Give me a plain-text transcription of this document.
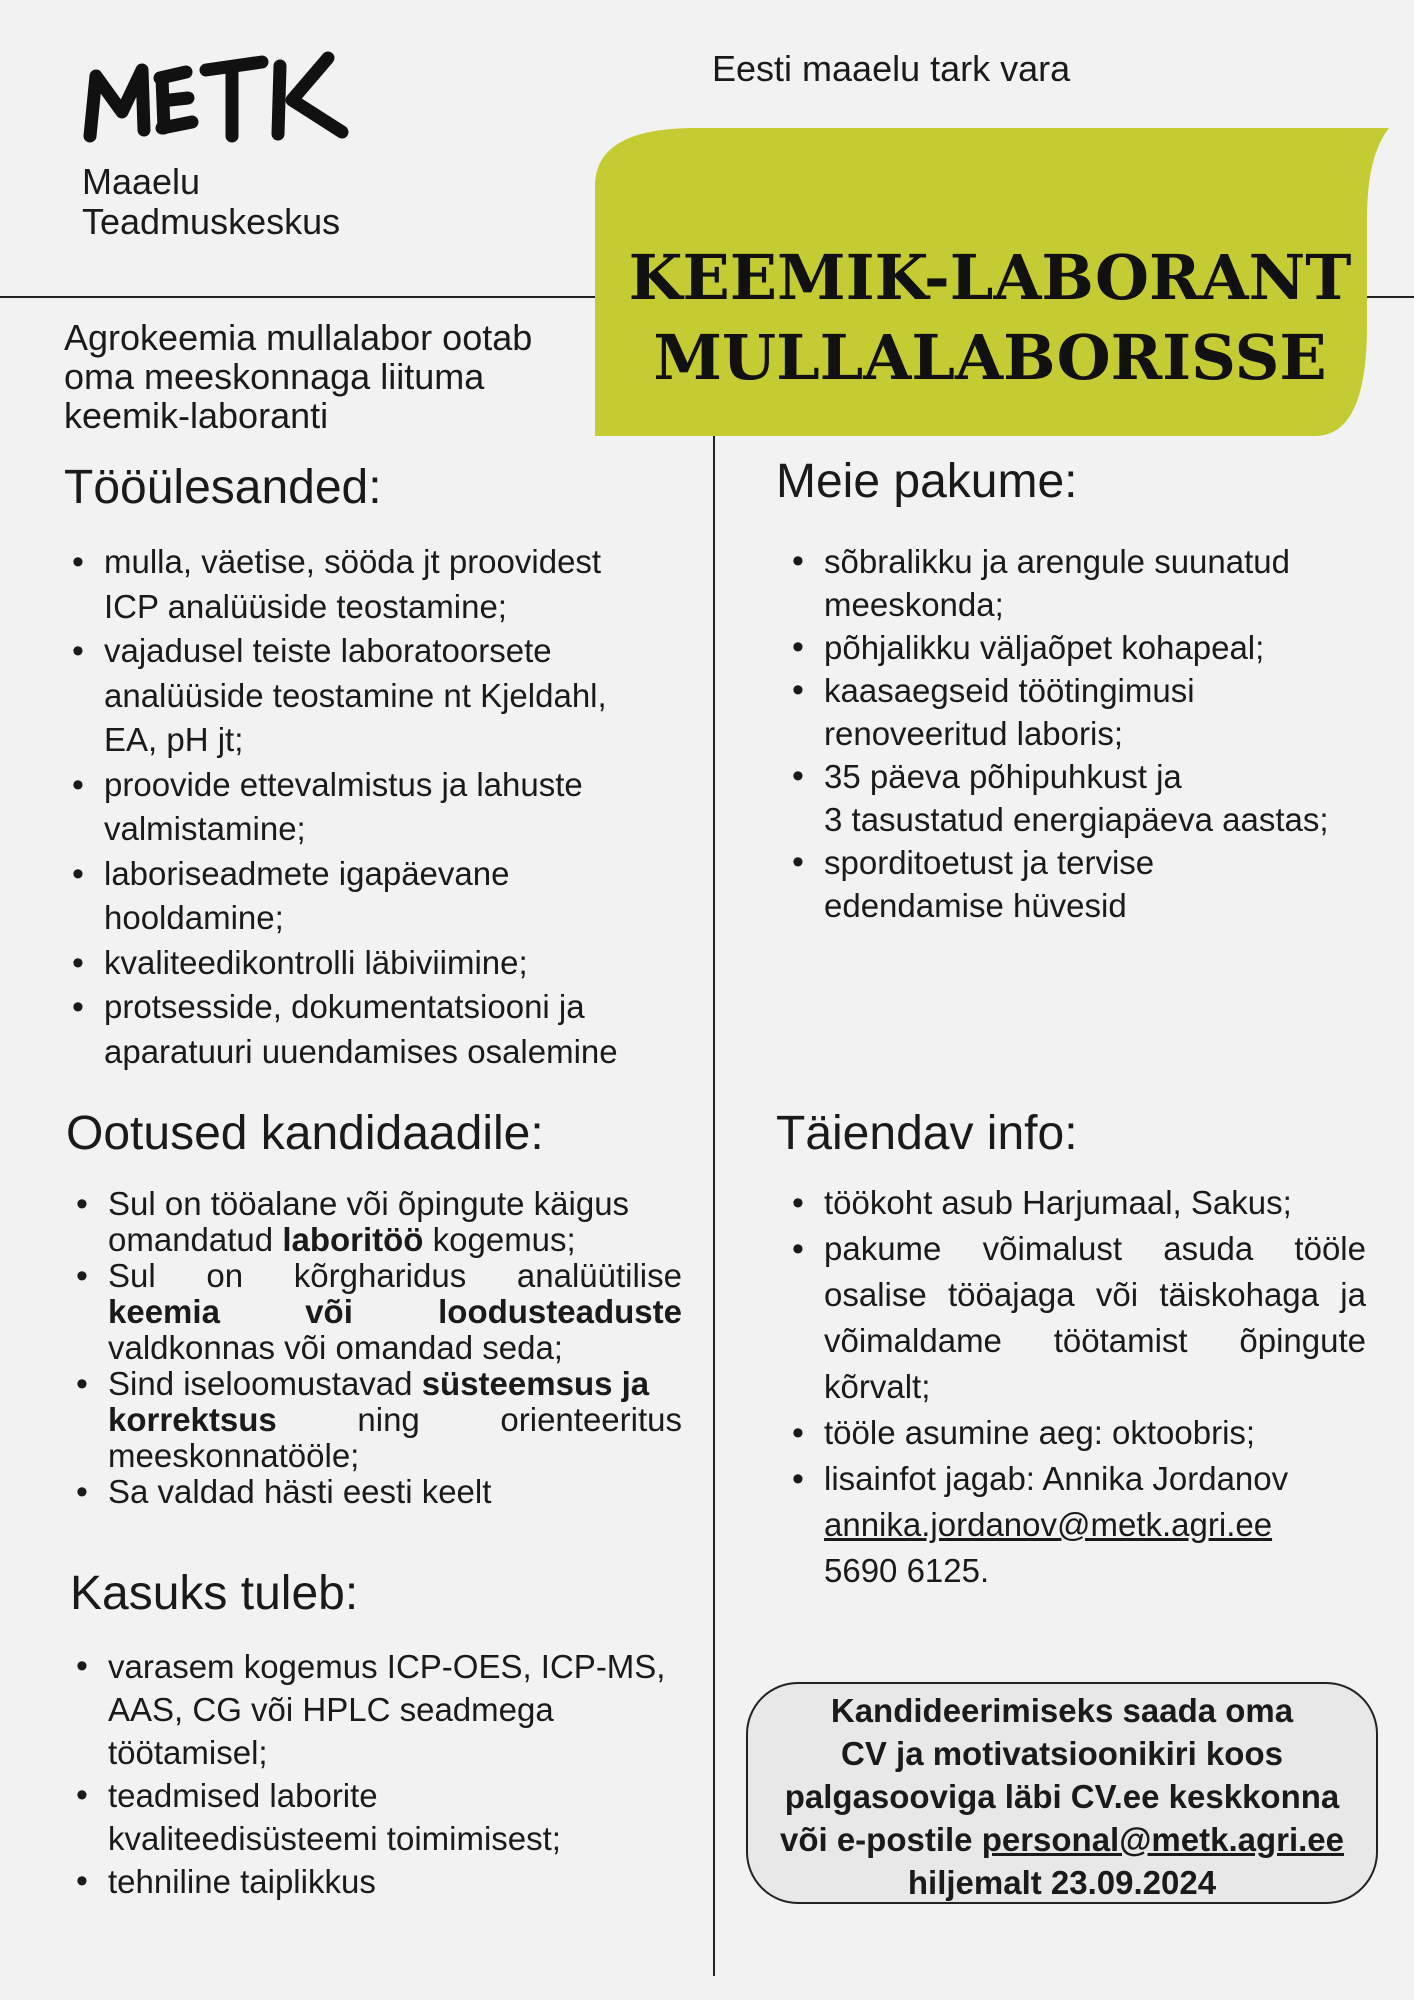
Maaelu
Teadmuskeskus
Eesti maaelu tark vara
KEEMIK-LABORANT
MULLALABORISSE
Agrokeemia mullalabor ootab
oma meeskonnaga liituma
keemik-laboranti
Tööülesanded:
• mulla, väetise, sööda jt proovidest
ICP analüüside teostamine;
• vajadusel teiste laboratoorsete
analüüside teostamine nt Kjeldahl,
EA, pH jt;
• proovide ettevalmistus ja lahuste
valmistamine;
• laboriseadmete igapäevane
hooldamine;
• kvaliteedikontrolli läbiviimine;
• protsesside, dokumentatsiooni ja
aparatuuri uuendamises osalemine
Meie pakume:
• sõbralikku ja arengule suunatud
meeskonda;
• põhjalikku väljaõpet kohapeal;
• kaasaegseid töötingimusi
renoveeritud laboris;
• 35 päeva põhipuhkust ja
3 tasustatud energiapäeva aastas;
• sporditoetust ja tervise
edendamise hüvesid
Ootused kandidaadile:
• Sul on tööalane või õpingute käigus
omandatud laboritöö kogemus;
• Sul on kõrgharidus analüütilise
keemia või loodusteaduste
valdkonnas või omandad seda;
• Sind iseloomustavad süsteemsus ja
korrektsus ning orienteeritus
meeskonnatööle;
• Sa valdad hästi eesti keelt
Täiendav info:
• töökoht asub Harjumaal, Sakus;
• pakume võimalust asuda tööle
osalise tööajaga või täiskohaga ja
võimaldame töötamist õpingute
kõrvalt;
• tööle asumine aeg: oktoobris;
• lisainfot jagab: Annika Jordanov
annika.jordanov@metk.agri.ee
5690 6125.
Kasuks tuleb:
• varasem kogemus ICP-OES, ICP-MS,
AAS, CG või HPLC seadmega
töötamisel;
• teadmised laborite
kvaliteedisüsteemi toimimisest;
• tehniline taiplikkus
Kandideerimiseks saada oma
CV ja motivatsioonikiri koos
palgasooviga läbi CV.ee keskkonna
või e-postile personal@metk.agri.ee
hiljemalt 23.09.2024
